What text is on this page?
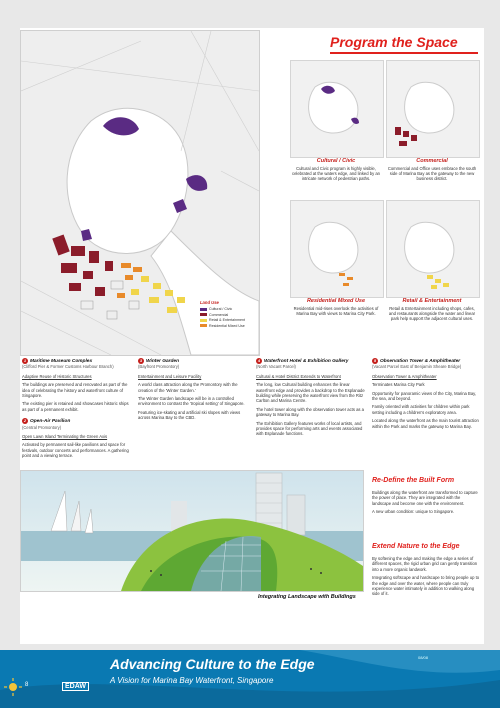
Program the Space
Land Use
Cultural / Civic
Commercial
Retail & Entertainment
Residential Mixed Use
Cultural / Civic
Cultural and Civic program is highly visible, celebrated at the waters edge, and linked by an intricate network of pedestrian paths.
Commercial
Commercial and Office uses embrace the south side of Marina Bay as the gateway to the new business district.
Residential Mixed Use
Residential mid-rises overlook the activities of Marina Bay with views to Marina City Park.
Retail & Entertainment
Retail & Entertainment including shops, cafes, and restaurants alongside the water and linear park help support the adjacent cultural uses.
1 Maritime Museum Complex
(Clifford Pier & Former Customs Harbour Branch)
Adaptive Reuse of Historic Structures

The buildings are preserved and renovated as part of the idea of celebrating the history and waterfront culture of Singapore.

The existing pier is retained and showcases historic ships as part of a permanent exhibit.

2 Open-Air Pavilion
(Central Promontory)
Open Lawn Island Terminating the Green Axis

Activated by permanent sail-like pavilions and space for festivals, outdoor concerts and performances. A gathering point and a viewing terrace.

3 Winter Garden
(Bayfront Promontory)
Entertainment and Leisure Facility

A world class attraction along the Promontory with the creation of the 'Winter Garden.'

The Winter Garden landscape will be in a controlled environment to contrast the 'tropical setting' of Singapore.

Featuring ice-skating and artificial ski slopes with views across Marina Bay to the CBD.

4 Waterfront Hotel & Exhibition Gallery
(North Vacant Parcel)
Cultural & Hotel District Extends to Waterfront

The long, low Cultural building enhances the linear waterfront edge and provides a backdrop to the Esplanade building while preserving the waterfront view from the Ritz Carlton and Marina Centre.

The hotel tower along with the observation tower acts as a gateway to Marina Bay.

The Exhibition Gallery features works of local artists, and provides space for performing arts and events associated with Esplanade functions.

5 Observation Tower & Amphitheater
(Vacant Parcel East of Benjamin Sheare Bridge)
Observation Tower & Amphitheater

Terminates Marina City Park

Opportunity for panoramic views of the City, Marina Bay, the sea, and beyond.

Family oriented with activities for children within park setting including a children's exploratory area.

Located along the waterfront as the main tourist attraction within the Park and marks the gateway to Marina Bay.

Integrating Landscape with Buildings
Re-Define the Built Form

Buildings along the waterfront are transformed to capture the power of place. They are integrated with the landscape and become one with the environment.

A new urban condition: unique to Singapore.

Extend Nature to the Edge

By softening the edge and making the edge a series of different spaces, the rigid urban grid can gently transition into a more organic landwork.

Integrating softscape and hardscape to bring people up to the edge and over the water, where people can truly experience water intimately in addition to walking along side of it.

8	EDAW
Advancing Culture to the Edge
A Vision for Marina Bay Waterfront, Singapore
08/08
